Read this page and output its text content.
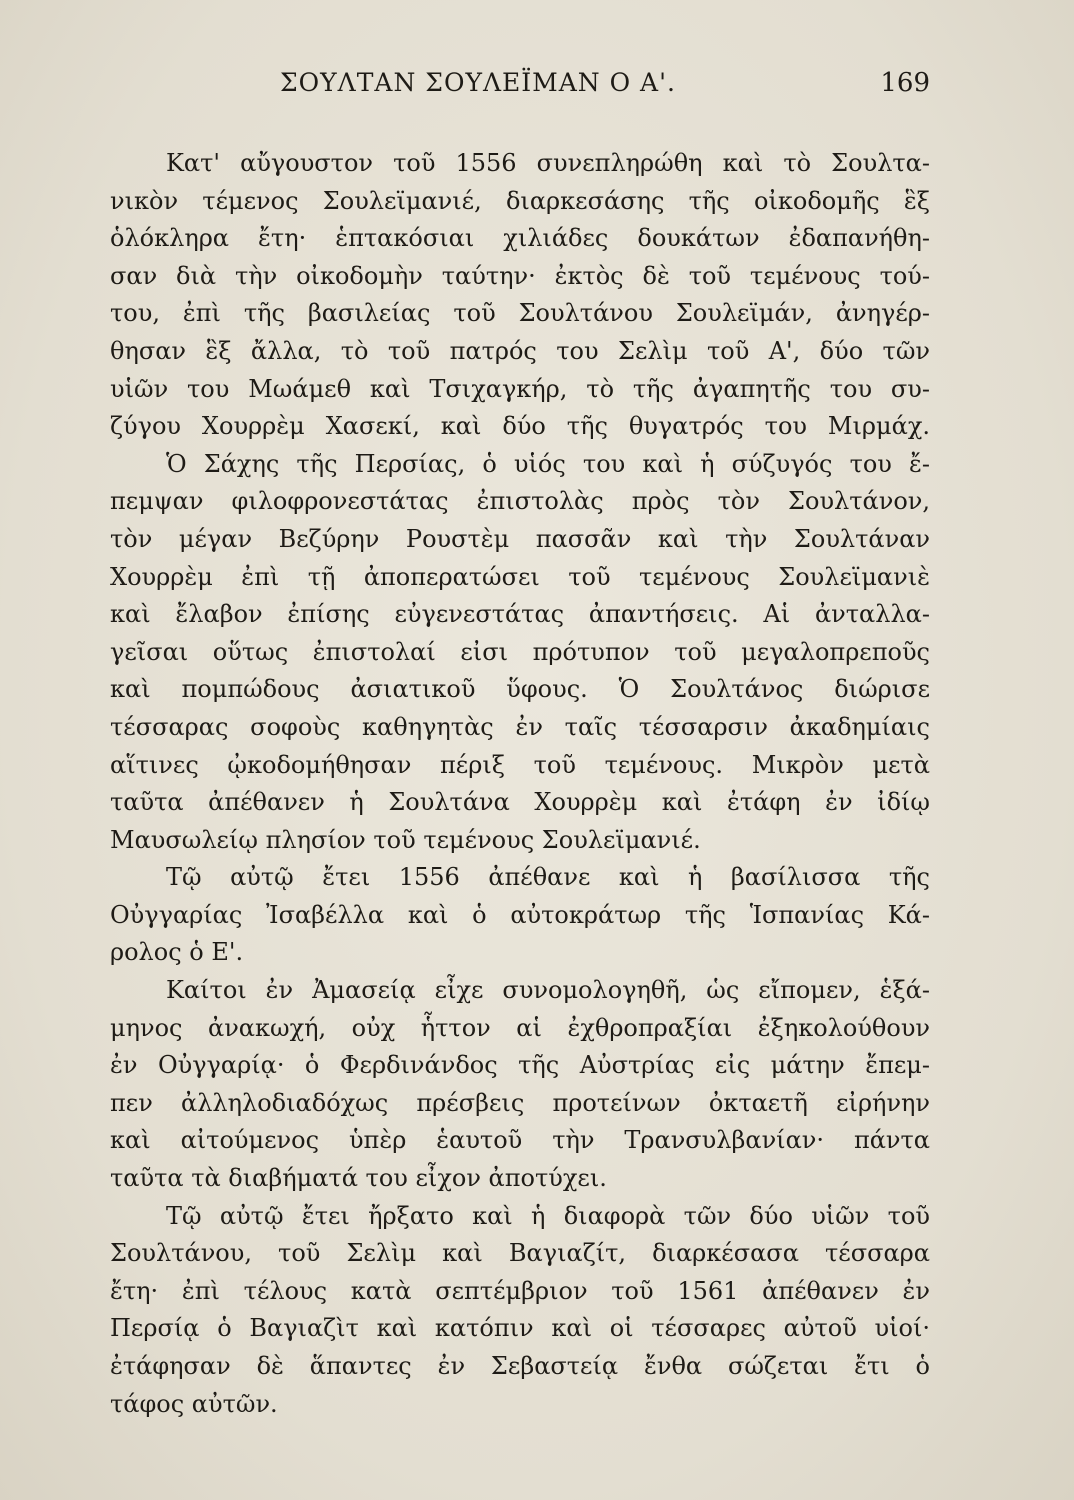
ΣΟΥΛΤΑΝ ΣΟΥΛΕΪΜΑΝ Ο Α'.	169
Κατ' αὔγουστον τοῦ 1556 συνεπληρώθη καὶ τὸ Σουλτα-
νικὸν τέμενος Σουλεϊμανιέ, διαρκεσάσης τῆς οἰκοδομῆς ἓξ
ὁλόκληρα ἔτη· ἑπτακόσιαι χιλιάδες δουκάτων ἐδαπανήθη-
σαν διὰ τὴν οἰκοδομὴν ταύτην· ἐκτὸς δὲ τοῦ τεμένους τού-
του, ἐπὶ τῆς βασιλείας τοῦ Σουλτάνου Σουλεϊμάν, ἀνηγέρ-
θησαν ἓξ ἄλλα, τὸ τοῦ πατρός του Σελὶμ τοῦ Α', δύο τῶν
υἱῶν του Μωάμεθ καὶ Τσιχαγκήρ, τὸ τῆς ἀγαπητῆς του συ-
ζύγου Χουρρὲμ Χασεκί, καὶ δύο τῆς θυγατρός του Μιρμάχ.
Ὁ Σάχης τῆς Περσίας, ὁ υἱός του καὶ ἡ σύζυγός του ἔ-
πεμψαν φιλοφρονεστάτας ἐπιστολὰς πρὸς τὸν Σουλτάνον,
τὸν μέγαν Βεζύρην Ρουστὲμ πασσᾶν καὶ τὴν Σουλτάναν
Χουρρὲμ ἐπὶ τῇ ἀποπερατώσει τοῦ τεμένους Σουλεϊμανιὲ
καὶ ἔλαβον ἐπίσης εὐγενεστάτας ἀπαντήσεις. Αἱ ἀνταλλα-
γεῖσαι οὕτως ἐπιστολαί εἰσι πρότυπον τοῦ μεγαλοπρεποῦς
καὶ πομπώδους ἀσιατικοῦ ὕφους. Ὁ Σουλτάνος διώρισε
τέσσαρας σοφοὺς καθηγητὰς ἐν ταῖς τέσσαρσιν ἀκαδημίαις
αἵτινες ᾠκοδομήθησαν πέριξ τοῦ τεμένους. Μικρὸν μετὰ
ταῦτα ἀπέθανεν ἡ Σουλτάνα Χουρρὲμ καὶ ἐτάφη ἐν ἰδίῳ
Μαυσωλείῳ πλησίον τοῦ τεμένους Σουλεϊμανιέ.
Τῷ αὐτῷ ἔτει 1556 ἀπέθανε καὶ ἡ βασίλισσα τῆς
Οὐγγαρίας Ἰσαβέλλα καὶ ὁ αὐτοκράτωρ τῆς Ἱσπανίας Κά-
ρολος ὁ Ε'.
Καίτοι ἐν Ἀμασείᾳ εἶχε συνομολογηθῆ, ὡς εἴπομεν, ἑξά-
μηνος ἀνακωχή, οὐχ ἧττον αἱ ἐχθροπραξίαι ἐξηκολούθουν
ἐν Οὐγγαρίᾳ· ὁ Φερδινάνδος τῆς Αὐστρίας εἰς μάτην ἔπεμ-
πεν ἀλληλοδιαδόχως πρέσβεις προτείνων ὀκταετῆ εἰρήνην
καὶ αἰτούμενος ὑπὲρ ἑαυτοῦ τὴν Τρανσυλβανίαν· πάντα
ταῦτα τὰ διαβήματά του εἶχον ἀποτύχει.
Τῷ αὐτῷ ἔτει ἤρξατο καὶ ἡ διαφορὰ τῶν δύο υἱῶν τοῦ
Σουλτάνου, τοῦ Σελὶμ καὶ Βαγιαζίτ, διαρκέσασα τέσσαρα
ἔτη· ἐπὶ τέλους κατὰ σεπτέμβριον τοῦ 1561 ἀπέθανεν ἐν
Περσίᾳ ὁ Βαγιαζὶτ καὶ κατόπιν καὶ οἱ τέσσαρες αὐτοῦ υἱοί·
ἐτάφησαν δὲ ἅπαντες ἐν Σεβαστείᾳ ἔνθα σώζεται ἔτι ὁ
τάφος αὐτῶν.
